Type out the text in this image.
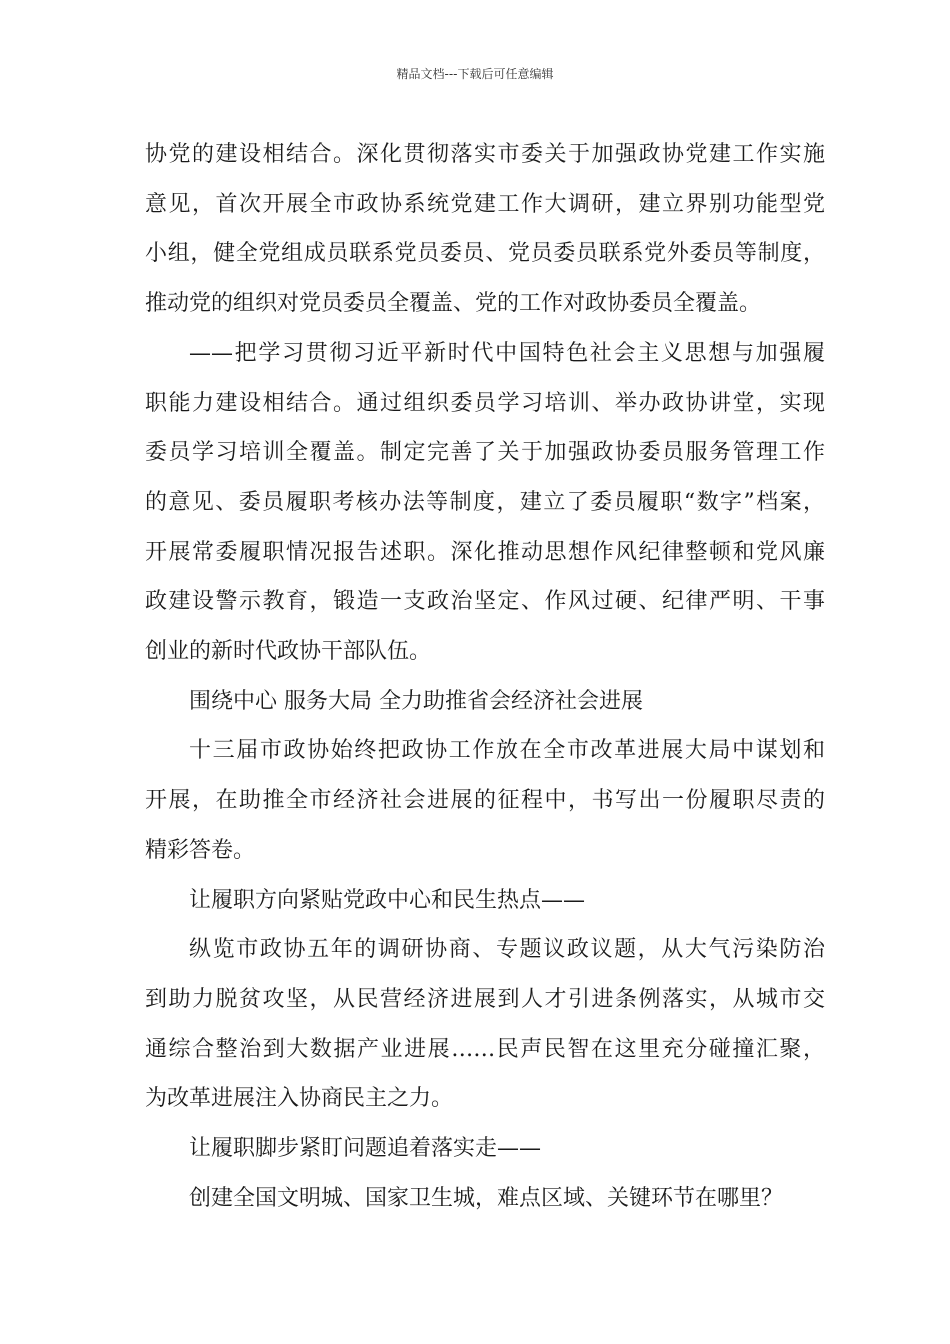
精品文档---下载后可任意编辑
协党的建设相结合。深化贯彻落实市委关于加强政协党建工作实施
意见，首次开展全市政协系统党建工作大调研，建立界别功能型党
小组，健全党组成员联系党员委员、党员委员联系党外委员等制度，
推动党的组织对党员委员全覆盖、党的工作对政协委员全覆盖。
——把学习贯彻习近平新时代中国特色社会主义思想与加强履
职能力建设相结合。通过组织委员学习培训、举办政协讲堂，实现
委员学习培训全覆盖。制定完善了关于加强政协委员服务管理工作
的意见、委员履职考核办法等制度，建立了委员履职“数字”档案，
开展常委履职情况报告述职。深化推动思想作风纪律整顿和党风廉
政建设警示教育，锻造一支政治坚定、作风过硬、纪律严明、干事
创业的新时代政协干部队伍。
围绕中心 服务大局 全力助推省会经济社会进展
十三届市政协始终把政协工作放在全市改革进展大局中谋划和
开展，在助推全市经济社会进展的征程中，书写出一份履职尽责的
精彩答卷。
让履职方向紧贴党政中心和民生热点——
纵览市政协五年的调研协商、专题议政议题，从大气污染防治
到助力脱贫攻坚，从民营经济进展到人才引进条例落实，从城市交
通综合整治到大数据产业进展……民声民智在这里充分碰撞汇聚，
为改革进展注入协商民主之力。
让履职脚步紧盯问题追着落实走——
创建全国文明城、国家卫生城，难点区域、关键环节在哪里？
